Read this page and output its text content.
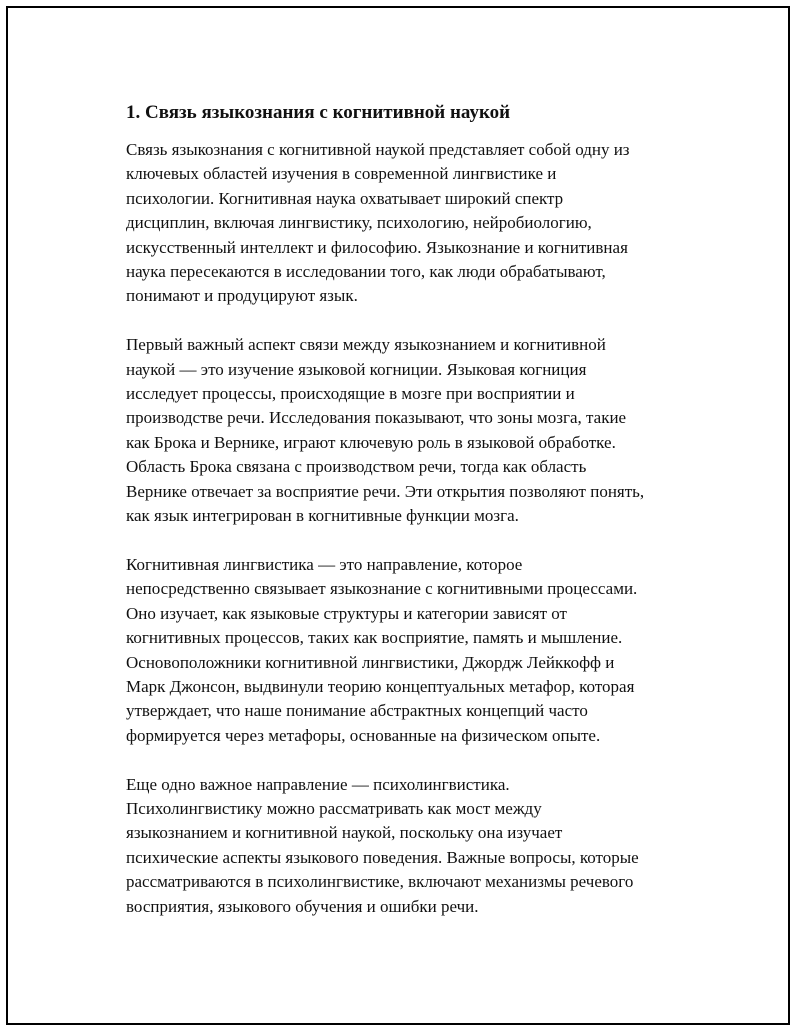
1. Связь языкознания с когнитивной наукой
Связь языкознания с когнитивной наукой представляет собой одну из
ключевых областей изучения в современной лингвистике и
психологии. Когнитивная наука охватывает широкий спектр
дисциплин, включая лингвистику, психологию, нейробиологию,
искусственный интеллект и философию. Языкознание и когнитивная
наука пересекаются в исследовании того, как люди обрабатывают,
понимают и продуцируют язык.
Первый важный аспект связи между языкознанием и когнитивной
наукой — это изучение языковой когниции. Языковая когниция
исследует процессы, происходящие в мозге при восприятии и
производстве речи. Исследования показывают, что зоны мозга, такие
как Брока и Вернике, играют ключевую роль в языковой обработке.
Область Брока связана с производством речи, тогда как область
Вернике отвечает за восприятие речи. Эти открытия позволяют понять,
как язык интегрирован в когнитивные функции мозга.
Когнитивная лингвистика — это направление, которое
непосредственно связывает языкознание с когнитивными процессами.
Оно изучает, как языковые структуры и категории зависят от
когнитивных процессов, таких как восприятие, память и мышление.
Основоположники когнитивной лингвистики, Джордж Лейккофф и
Марк Джонсон, выдвинули теорию концептуальных метафор, которая
утверждает, что наше понимание абстрактных концепций часто
формируется через метафоры, основанные на физическом опыте.
Еще одно важное направление — психолингвистика.
Психолингвистику можно рассматривать как мост между
языкознанием и когнитивной наукой, поскольку она изучает
психические аспекты языкового поведения. Важные вопросы, которые
рассматриваются в психолингвистике, включают механизмы речевого
восприятия, языкового обучения и ошибки речи.
